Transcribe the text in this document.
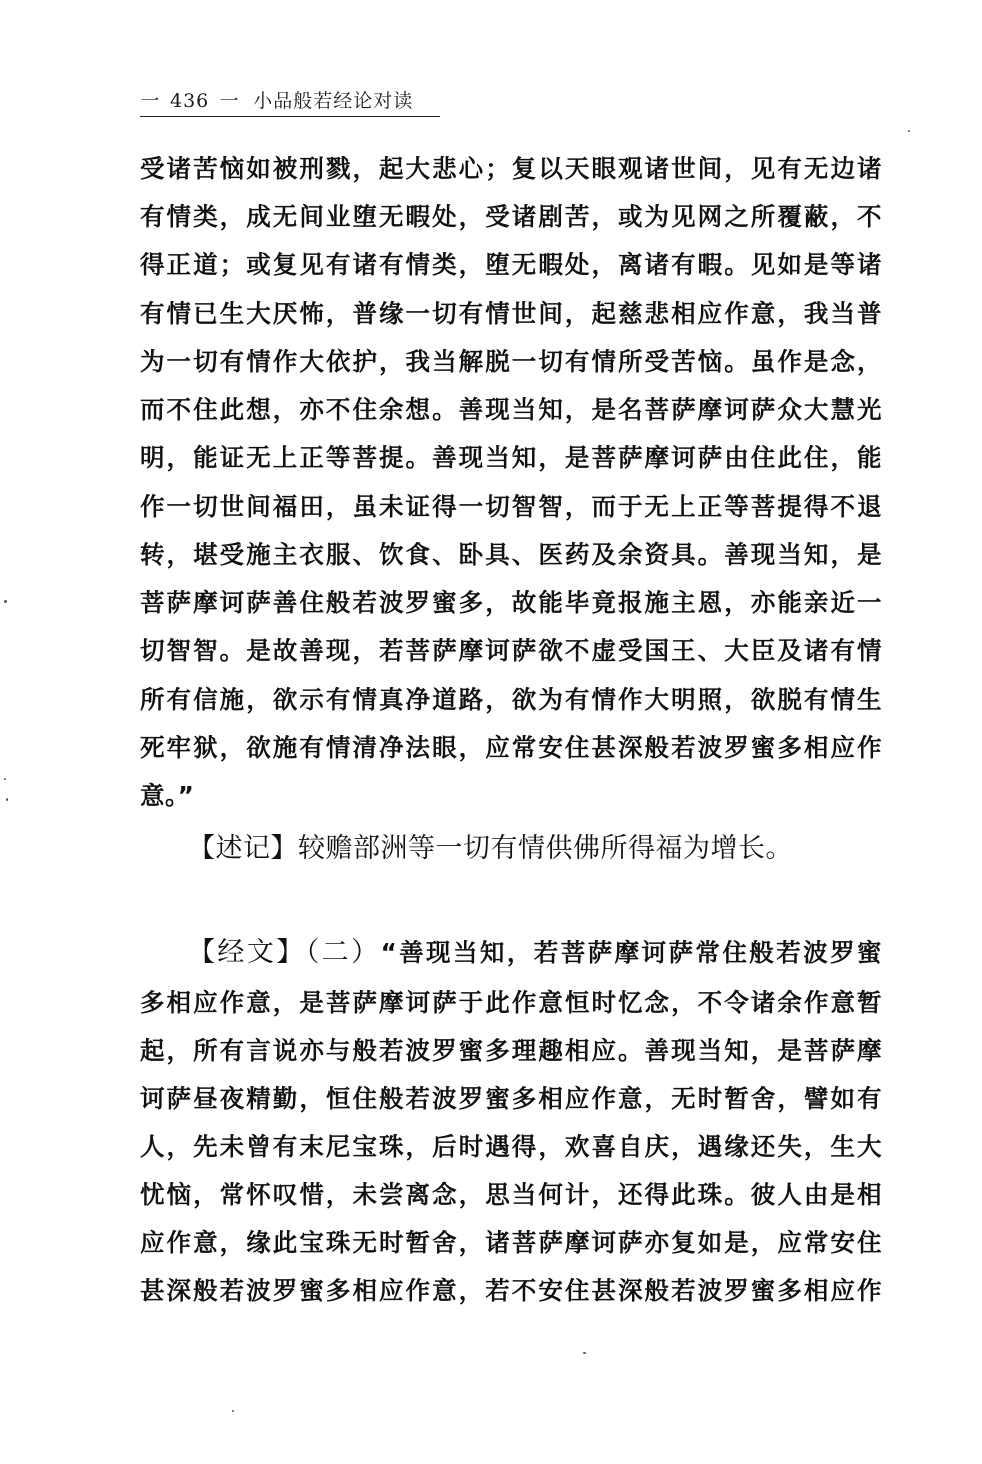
一 436 一 小品般若经论对读
受诸苦恼如被刑戮，起大悲心；复以天眼观诸世间，见有无边诸
有情类，成无间业堕无暇处，受诸剧苦，或为见网之所覆蔽，不
得正道；或复见有诸有情类，堕无暇处，离诸有暇。见如是等诸
有情已生大厌怖，普缘一切有情世间，起慈悲相应作意，我当普
为一切有情作大依护，我当解脱一切有情所受苦恼。虽作是念，
而不住此想，亦不住余想。善现当知，是名菩萨摩诃萨众大慧光
明，能证无上正等菩提。善现当知，是菩萨摩诃萨由住此住，能
作一切世间福田，虽未证得一切智智，而于无上正等菩提得不退
转，堪受施主衣服、饮食、卧具、医药及余资具。善现当知，是
菩萨摩诃萨善住般若波罗蜜多，故能毕竟报施主恩，亦能亲近一
切智智。是故善现，若菩萨摩诃萨欲不虚受国王、大臣及诸有情
所有信施，欲示有情真净道路，欲为有情作大明照，欲脱有情生
死牢狱，欲施有情清净法眼，应常安住甚深般若波罗蜜多相应作
意。”
【述记】较赡部洲等一切有情供佛所得福为增长。
【经文】（二）“善现当知，若菩萨摩诃萨常住般若波罗蜜
多相应作意，是菩萨摩诃萨于此作意恒时忆念，不令诸余作意暂
起，所有言说亦与般若波罗蜜多理趣相应。善现当知，是菩萨摩
诃萨昼夜精勤，恒住般若波罗蜜多相应作意，无时暂舍，譬如有
人，先未曾有末尼宝珠，后时遇得，欢喜自庆，遇缘还失，生大
忧恼，常怀叹惜，未尝离念，思当何计，还得此珠。彼人由是相
应作意，缘此宝珠无时暂舍，诸菩萨摩诃萨亦复如是，应常安住
甚深般若波罗蜜多相应作意，若不安住甚深般若波罗蜜多相应作
